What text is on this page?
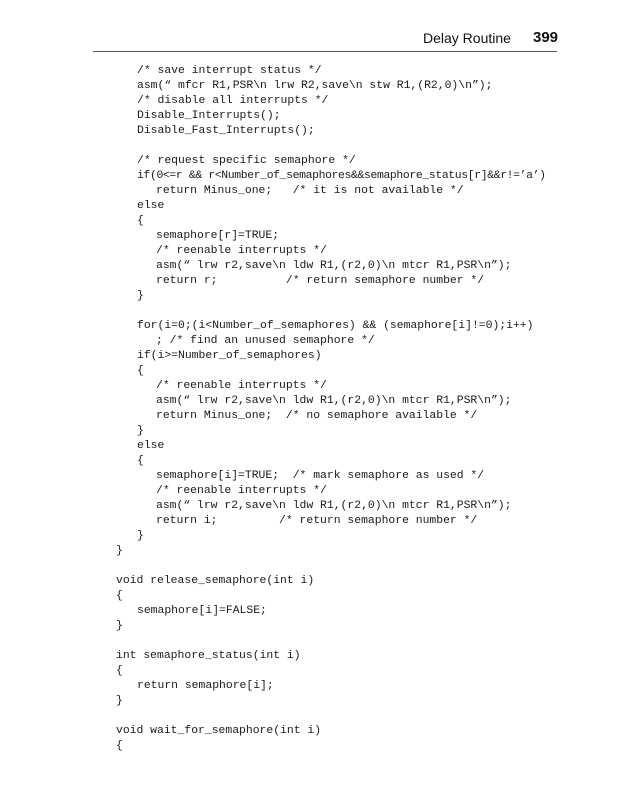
Delay Routine 399
/* save interrupt status */
asm(“ mfcr R1,PSR\n lrw R2,save\n stw R1,(R2,0)\n”);
/* disable all interrupts */
Disable_Interrupts();
Disable_Fast_Interrupts();
/* request specific semaphore */
if(0<=r && r<Number_of_semaphores&&semaphore_status[r]&&r!=’a’)
return Minus_one;   /* it is not available */
else
{
semaphore[r]=TRUE;
/* reenable interrupts */
asm(“ lrw r2,save\n ldw R1,(r2,0)\n mtcr R1,PSR\n”);
return r;          /* return semaphore number */
}
for(i=0;(i<Number_of_semaphores) && (semaphore[i]!=0);i++)
; /* find an unused semaphore */
if(i>=Number_of_semaphores)
{
/* reenable interrupts */
asm(“ lrw r2,save\n ldw R1,(r2,0)\n mtcr R1,PSR\n”);
return Minus_one;  /* no semaphore available */
}
else
{
semaphore[i]=TRUE;  /* mark semaphore as used */
/* reenable interrupts */
asm(“ lrw r2,save\n ldw R1,(r2,0)\n mtcr R1,PSR\n”);
return i;         /* return semaphore number */
}
}
void release_semaphore(int i)
{
semaphore[i]=FALSE;
}
int semaphore_status(int i)
{
return semaphore[i];
}
void wait_for_semaphore(int i)
{
